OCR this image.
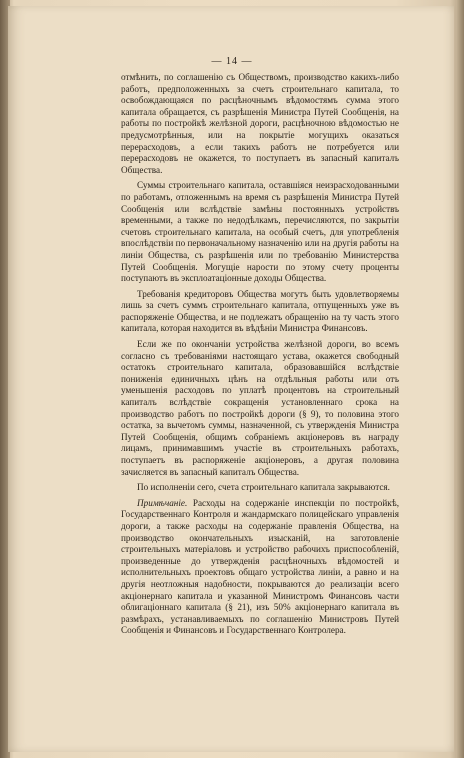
— 14 —

отмѣнить, по соглашенію съ Обществомъ, производство какихъ-либо работъ, предположенныхъ за счетъ строительнаго капитала, то освобождающаяся по расцѣночнымъ вѣдомостямъ сумма этого капитала обращается, съ разрѣшенія Министра Путей Сообщенія, на работы по постройкѣ желѣзной дороги, расцѣночною вѣдомостью не предусмотрѣнныя, или на покрытіе могущихъ оказаться перерасходовъ, а если такихъ работъ не потребуется или перерасходовъ не окажется, то поступаетъ въ запасный капиталъ Общества.

Суммы строительнаго капитала, оставшіяся неизрасходованными по работамъ, отложеннымъ на время съ разрѣшенія Министра Путей Сообщенія или вслѣдствіе замѣны постоянныхъ устройствъ временными, а также по недодѣлкамъ, перечисляются, по закрытіи счетовъ строительнаго капитала, на особый счетъ, для употребленія впослѣдствіи по первоначальному назначенію или на другія работы на линіи Общества, съ разрѣшенія или по требованію Министерства Путей Сообщенія. Могущіе нарости по этому счету проценты поступаютъ въ эксплоатаціонные доходы Общества.

Требованія кредиторовъ Общества могутъ быть удовлетворяемы лишь за счетъ суммъ строительнаго капитала, отпущенныхъ уже въ распоряженіе Общества, и не подлежатъ обращенію на ту часть этого капитала, которая находится въ вѣдѣніи Министра Финансовъ.

Если же по окончаніи устройства желѣзной дороги, во всемъ согласно съ требованіями настоящаго устава, окажется свободный остатокъ строительнаго капитала, образовавшійся вслѣдствіе пониженія единичныхъ цѣнъ на отдѣльныя работы или отъ уменьшенія расходовъ по уплатѣ процентовъ на строительный капиталъ вслѣдствіе сокращенія установленнаго срока на производство работъ по постройкѣ дороги (§ 9), то половина этого остатка, за вычетомъ суммы, назначенной, съ утвержденія Министра Путей Сообщенія, общимъ собраніемъ акціонеровъ въ награду лицамъ, принимавшимъ участіе въ строительныхъ работахъ, поступаетъ въ распоряженіе акціонеровъ, а другая половина зачисляется въ запасный капиталъ Общества.

По исполненіи сего, счета строительнаго капитала закрываются.

Примѣчаніе. Расходы на содержаніе инспекціи по постройкѣ, Государственнаго Контроля и жандармскаго полицейскаго управленія дороги, а также расходы на содержаніе правленія Общества, на производство окончательныхъ изысканій, на заготовленіе строительныхъ матеріаловъ и устройство рабочихъ приспособленій, произведенные до утвержденія расцѣночныхъ вѣдомостей и исполнительныхъ проектовъ общаго устройства линіи, а равно и на другія неотложныя надобности, покрываются до реализаціи всего акціонернаго капитала и указанной Министромъ Финансовъ части облигаціоннаго капитала (§ 21), изъ 50% акціонернаго капитала въ размѣрахъ, устанавливаемыхъ по соглашенію Министровъ Путей Сообщенія и Финансовъ и Государственнаго Контролера.
